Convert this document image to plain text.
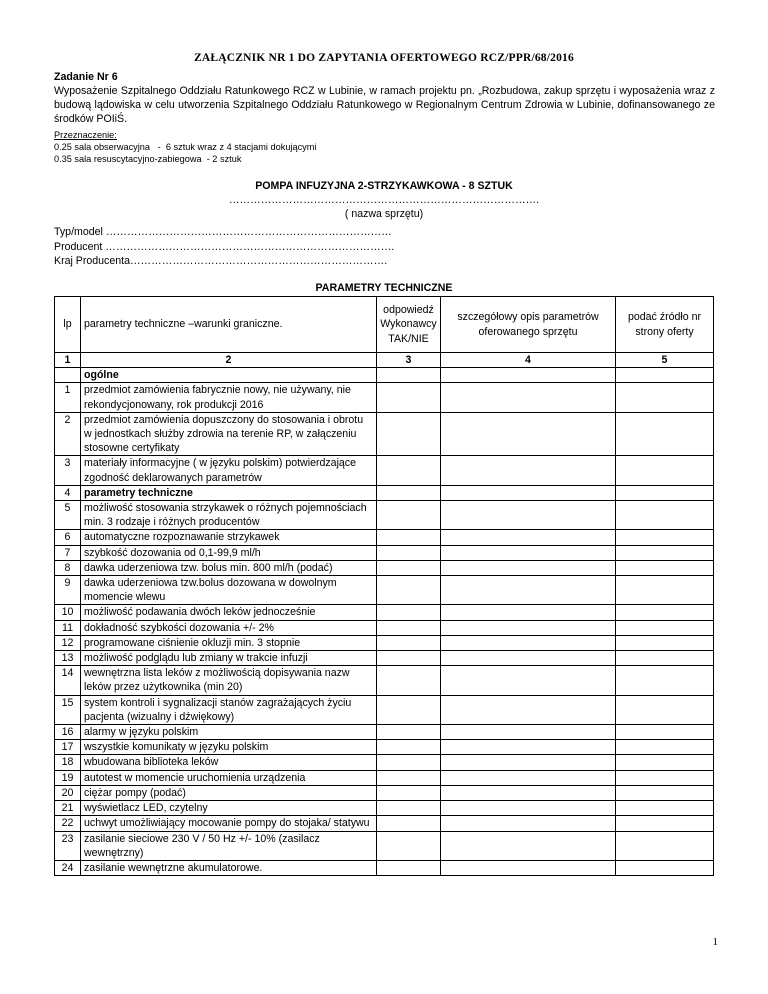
ZAŁĄCZNIK NR 1 DO ZAPYTANIA OFERTOWEGO RCZ/PPR/68/2016
Zadanie Nr 6
Wyposażenie Szpitalnego Oddziału Ratunkowego RCZ w Lubinie, w ramach projektu pn. „Rozbudowa, zakup sprzętu i wyposażenia wraz z budową lądowiska w celu utworzenia Szpitalnego Oddziału Ratunkowego w Regionalnym Centrum Zdrowia w Lubinie, dofinansowanego ze środków POIiŚ.
Przeznaczenie:
0.25 sala obserwacyjna   -  6 sztuk wraz z 4 stacjami dokującymi
0.35 sala resuscytacyjno-zabiegowa  - 2 sztuk
POMPA INFUZYJNA 2-STRZYKAWKOWA - 8 SZTUK
…………………………………………………………………………….
( nazwa sprzętu)
Typ/model ………………………………………………………………………
Producent ……………………………………………………………………….
Kraj Producenta……………………………………………………………….
PARAMETRY TECHNICZNE
lp	parametry techniczne –warunki graniczne.	odpowiedź Wykonawcy TAK/NIE	szczegółowy opis parametrów oferowanego sprzętu	podać źródło nr strony oferty
1	2	3	4	5
	ogólne			
1	przedmiot zamówienia fabrycznie nowy, nie używany, nie rekondycjonowany, rok produkcji 2016			
2	przedmiot zamówienia dopuszczony do stosowania i obrotu w jednostkach służby zdrowia na terenie RP, w załączeniu stosowne certyfikaty			
3	materiały informacyjne ( w języku polskim) potwierdzające zgodność deklarowanych parametrów			
4	parametry techniczne			
5	możliwość stosowania strzykawek o różnych pojemnościach min. 3 rodzaje i różnych producentów			
6	automatyczne rozpoznawanie strzykawek			
7	szybkość dozowania od 0,1-99,9 ml/h			
8	dawka uderzeniowa tzw. bolus min. 800 ml/h (podać)			
9	dawka uderzeniowa tzw.bolus dozowana w dowolnym momencie wlewu			
10	możliwość podawania dwóch leków jednocześnie			
11	dokładność szybkości dozowania +/- 2%			
12	programowane ciśnienie okluzji min. 3 stopnie			
13	możliwość podglądu lub zmiany w trakcie infuzji			
14	wewnętrzna lista leków z możliwością dopisywania nazw leków przez użytkownika (min 20)			
15	system kontroli i sygnalizacji stanów zagrażających życiu pacjenta (wizualny i dźwiękowy)			
16	alarmy w języku polskim			
17	wszystkie komunikaty w języku polskim			
18	wbudowana biblioteka leków			
19	autotest w momencie uruchomienia urządzenia			
20	ciężar pompy (podać)			
21	wyświetlacz LED, czytelny			
22	uchwyt umożliwiający mocowanie pompy do stojaka/ statywu			
23	zasilanie sieciowe 230 V / 50 Hz +/- 10% (zasilacz wewnętrzny)			
24	zasilanie wewnętrzne akumulatorowe.			
1
